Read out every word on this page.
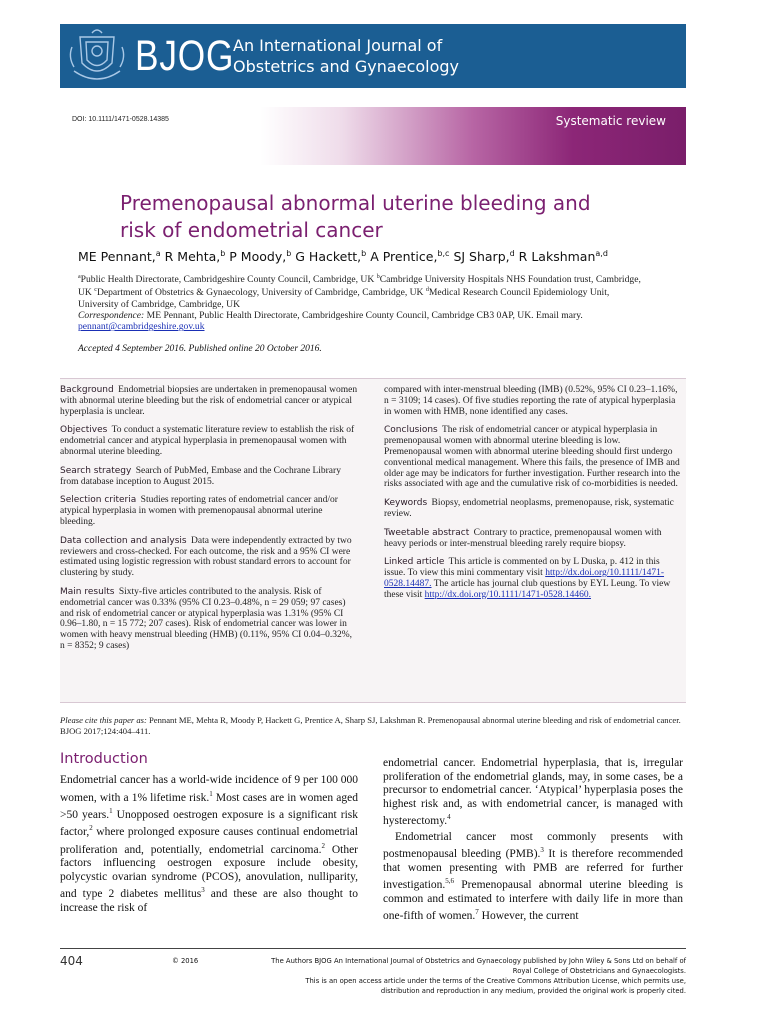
BJOG
An International Journal of
Obstetrics and Gynaecology
DOI: 10.1111/1471-0528.14385	Systematic review
Premenopausal abnormal uterine bleeding and
risk of endometrial cancer
ME Pennant,$^a$ R Mehta,$^b$ P Moody,$^b$ G Hackett,$^b$ A Prentice,$^{b,c}$ SJ Sharp,$^d$ R Lakshman$^{a,d}$
$^a$Public Health Directorate, Cambridgeshire County Council, Cambridge, UK $^b$Cambridge University Hospitals NHS Foundation trust, Cambridge, UK $^c$Department of Obstetrics & Gynaecology, University of Cambridge, Cambridge, UK $^d$Medical Research Council Epidemiology Unit, University of Cambridge, Cambridge, UK
Correspondence: ME Pennant, Public Health Directorate, Cambridgeshire County Council, Cambridge CB3 0AP, UK. Email mary. pennant@cambridgeshire.gov.uk
Accepted 4 September 2016. Published online 20 October 2016.
Background Endometrial biopsies are undertaken in premenopausal women with abnormal uterine bleeding but the risk of endometrial cancer or atypical hyperplasia is unclear.
Objectives To conduct a systematic literature review to establish the risk of endometrial cancer and atypical hyperplasia in premenopausal women with abnormal uterine bleeding.
Search strategy Search of PubMed, Embase and the Cochrane Library from database inception to August 2015.
Selection criteria Studies reporting rates of endometrial cancer and/or atypical hyperplasia in women with premenopausal abnormal uterine bleeding.
Data collection and analysis Data were independently extracted by two reviewers and cross-checked. For each outcome, the risk and a 95% CI were estimated using logistic regression with robust standard errors to account for clustering by study.
Main results Sixty-five articles contributed to the analysis. Risk of endometrial cancer was 0.33% (95% CI 0.23–0.48%, n = 29 059; 97 cases) and risk of endometrial cancer or atypical hyperplasia was 1.31% (95% CI 0.96–1.80, n = 15 772; 207 cases). Risk of endometrial cancer was lower in women with heavy menstrual bleeding (HMB) (0.11%, 95% CI 0.04–0.32%, n = 8352; 9 cases)
compared with inter-menstrual bleeding (IMB) (0.52%, 95% CI 0.23–1.16%, n = 3109; 14 cases). Of five studies reporting the rate of atypical hyperplasia in women with HMB, none identified any cases.
Conclusions The risk of endometrial cancer or atypical hyperplasia in premenopausal women with abnormal uterine bleeding is low. Premenopausal women with abnormal uterine bleeding should first undergo conventional medical management. Where this fails, the presence of IMB and older age may be indicators for further investigation. Further research into the risks associated with age and the cumulative risk of co-morbidities is needed.
Keywords Biopsy, endometrial neoplasms, premenopause, risk, systematic review.
Tweetable abstract Contrary to practice, premenopausal women with heavy periods or inter-menstrual bleeding rarely require biopsy.
Linked article This article is commented on by L Duska, p. 412 in this issue. To view this mini commentary visit http://dx.doi.org/10.1111/1471-0528.14487. The article has journal club questions by EYL Leung. To view these visit http://dx.doi.org/10.1111/1471-0528.14460.
Please cite this paper as: Pennant ME, Mehta R, Moody P, Hackett G, Prentice A, Sharp SJ, Lakshman R. Premenopausal abnormal uterine bleeding and risk of endometrial cancer. BJOG 2017;124:404–411.
Introduction

Endometrial cancer has a world-wide incidence of 9 per 100 000 women, with a 1% lifetime risk.$^1$ Most cases are in women aged >50 years.$^1$ Unopposed oestrogen exposure is a significant risk factor,$^2$ where prolonged exposure causes continual endometrial proliferation and, potentially, endometrial carcinoma.$^2$ Other factors influencing oestrogen exposure include obesity, polycystic ovarian syndrome (PCOS), anovulation, nulliparity, and type 2 diabetes mellitus$^3$ and these are also thought to increase the risk of

endometrial cancer. Endometrial hyperplasia, that is, irregular proliferation of the endometrial glands, may, in some cases, be a precursor to endometrial cancer. ‘Atypical’ hyperplasia poses the highest risk and, as with endometrial cancer, is managed with hysterectomy.$^4$

Endometrial cancer most commonly presents with postmenopausal bleeding (PMB).$^3$ It is therefore recommended that women presenting with PMB are referred for further investigation.$^{5,6}$ Premenopausal abnormal uterine bleeding is common and estimated to interfere with daily life in more than one-fifth of women.$^7$ However, the current

404	© 2016	The Authors BJOG An International Journal of Obstetrics and Gynaecology published by John Wiley & Sons Ltd on behalf of
Royal College of Obstetricians and Gynaecologists.
This is an open access article under the terms of the Creative Commons Attribution License, which permits use,
distribution and reproduction in any medium, provided the original work is properly cited.
